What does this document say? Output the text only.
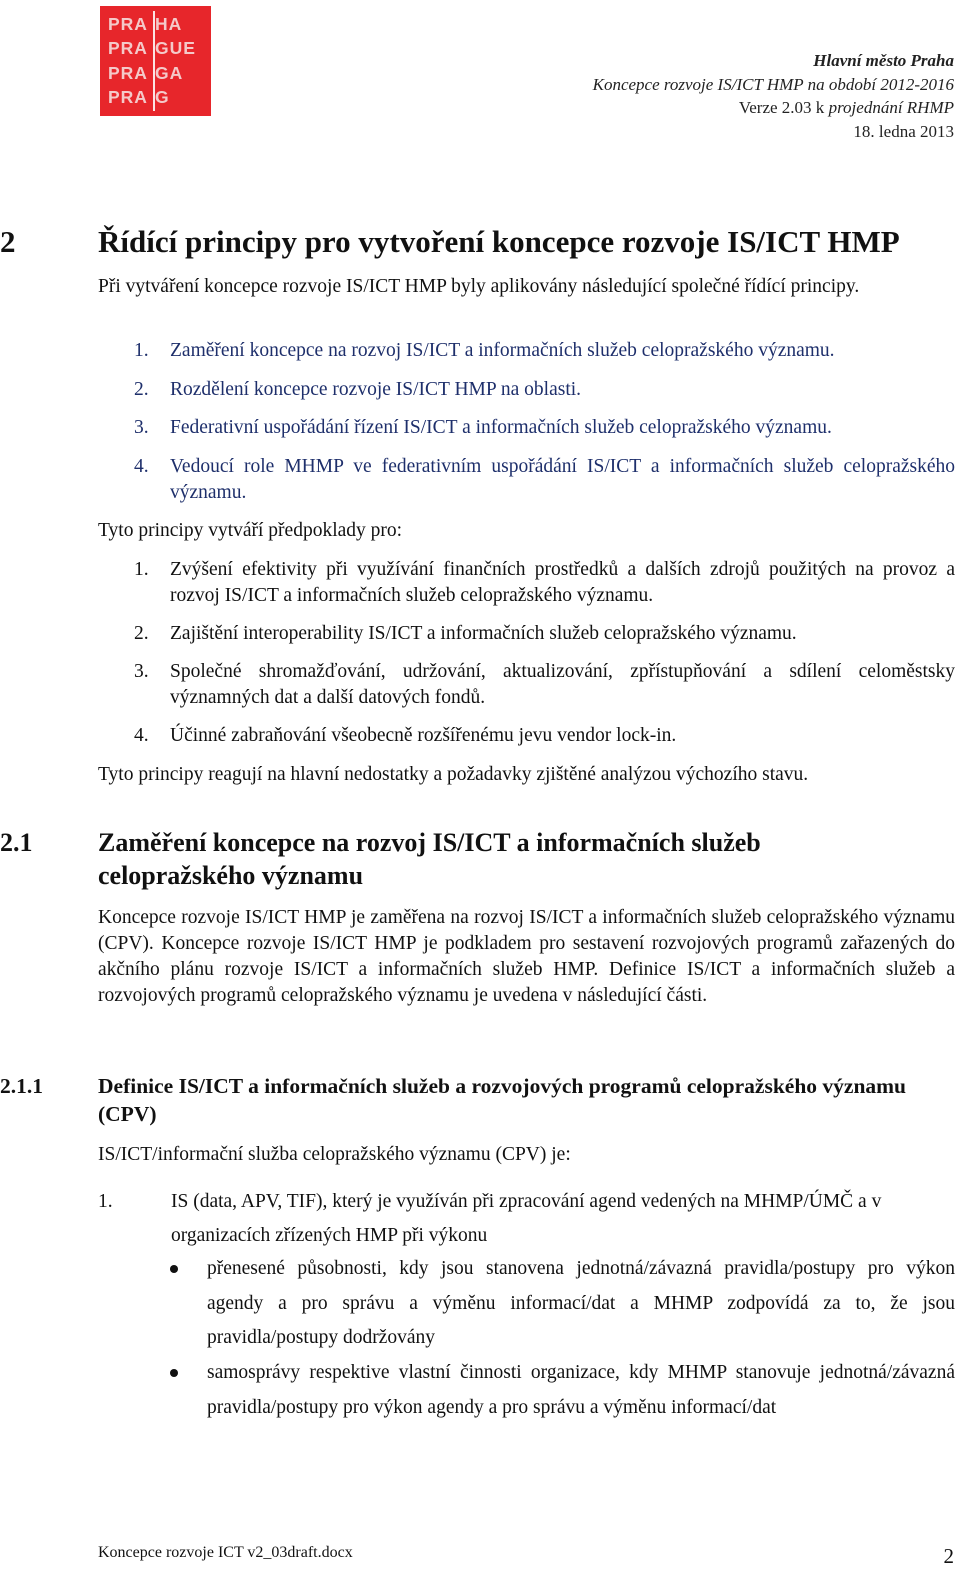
PRA HA
PRA GUE
PRA GA
PRA G
Hlavní město Praha
Koncepce rozvoje IS/ICT HMP na období 2012-2016
Verze 2.03 k projednání RHMP
18. ledna 2013
2	Řídící principy pro vytvoření koncepce rozvoje IS/ICT HMP
Při vytváření koncepce rozvoje IS/ICT HMP byly aplikovány následující společné řídící principy.
1. Zaměření koncepce na rozvoj IS/ICT a informačních služeb celopražského významu.
2. Rozdělení koncepce rozvoje IS/ICT HMP na oblasti.
3. Federativní uspořádání řízení IS/ICT a informačních služeb celopražského významu.
4. Vedoucí role MHMP ve federativním uspořádání IS/ICT a informačních služeb celopražského významu.
Tyto principy vytváří předpoklady pro:
1. Zvýšení efektivity při využívání finančních prostředků a dalších zdrojů použitých na provoz a rozvoj IS/ICT a informačních služeb celopražského významu.
2. Zajištění interoperability IS/ICT a informačních služeb celopražského významu.
3. Společné shromažďování, udržování, aktualizování, zpřístupňování a sdílení celoměstsky významných dat a další datových fondů.
4. Účinné zabraňování všeobecně rozšířenému jevu vendor lock-in.
Tyto principy reagují na hlavní nedostatky a požadavky zjištěné analýzou výchozího stavu.
2.1	Zaměření koncepce na rozvoj IS/ICT a informačních služeb celopražského významu
Koncepce rozvoje IS/ICT HMP je zaměřena na rozvoj IS/ICT a informačních služeb celopražského významu (CPV). Koncepce rozvoje IS/ICT HMP je podkladem pro sestavení rozvojových programů zařazených do akčního plánu rozvoje IS/ICT a informačních služeb HMP. Definice IS/ICT a informačních služeb a rozvojových programů celopražského významu je uvedena v následující části.
2.1.1	Definice IS/ICT a informačních služeb a rozvojových programů celopražského významu (CPV)
IS/ICT/informační služba celopražského významu (CPV) je:
1.	IS (data, APV, TIF), který je využíván při zpracování agend vedených na MHMP/ÚMČ a v organizacích zřízených HMP při výkonu
přenesené působnosti, kdy jsou stanovena jednotná/závazná pravidla/postupy pro výkon agendy a pro správu a výměnu informací/dat a MHMP zodpovídá za to, že jsou pravidla/postupy dodržovány
samosprávy respektive vlastní činnosti organizace, kdy MHMP stanovuje jednotná/závazná pravidla/postupy pro výkon agendy a pro správu a výměnu informací/dat
Koncepce rozvoje ICT v2_03draft.docx	2
